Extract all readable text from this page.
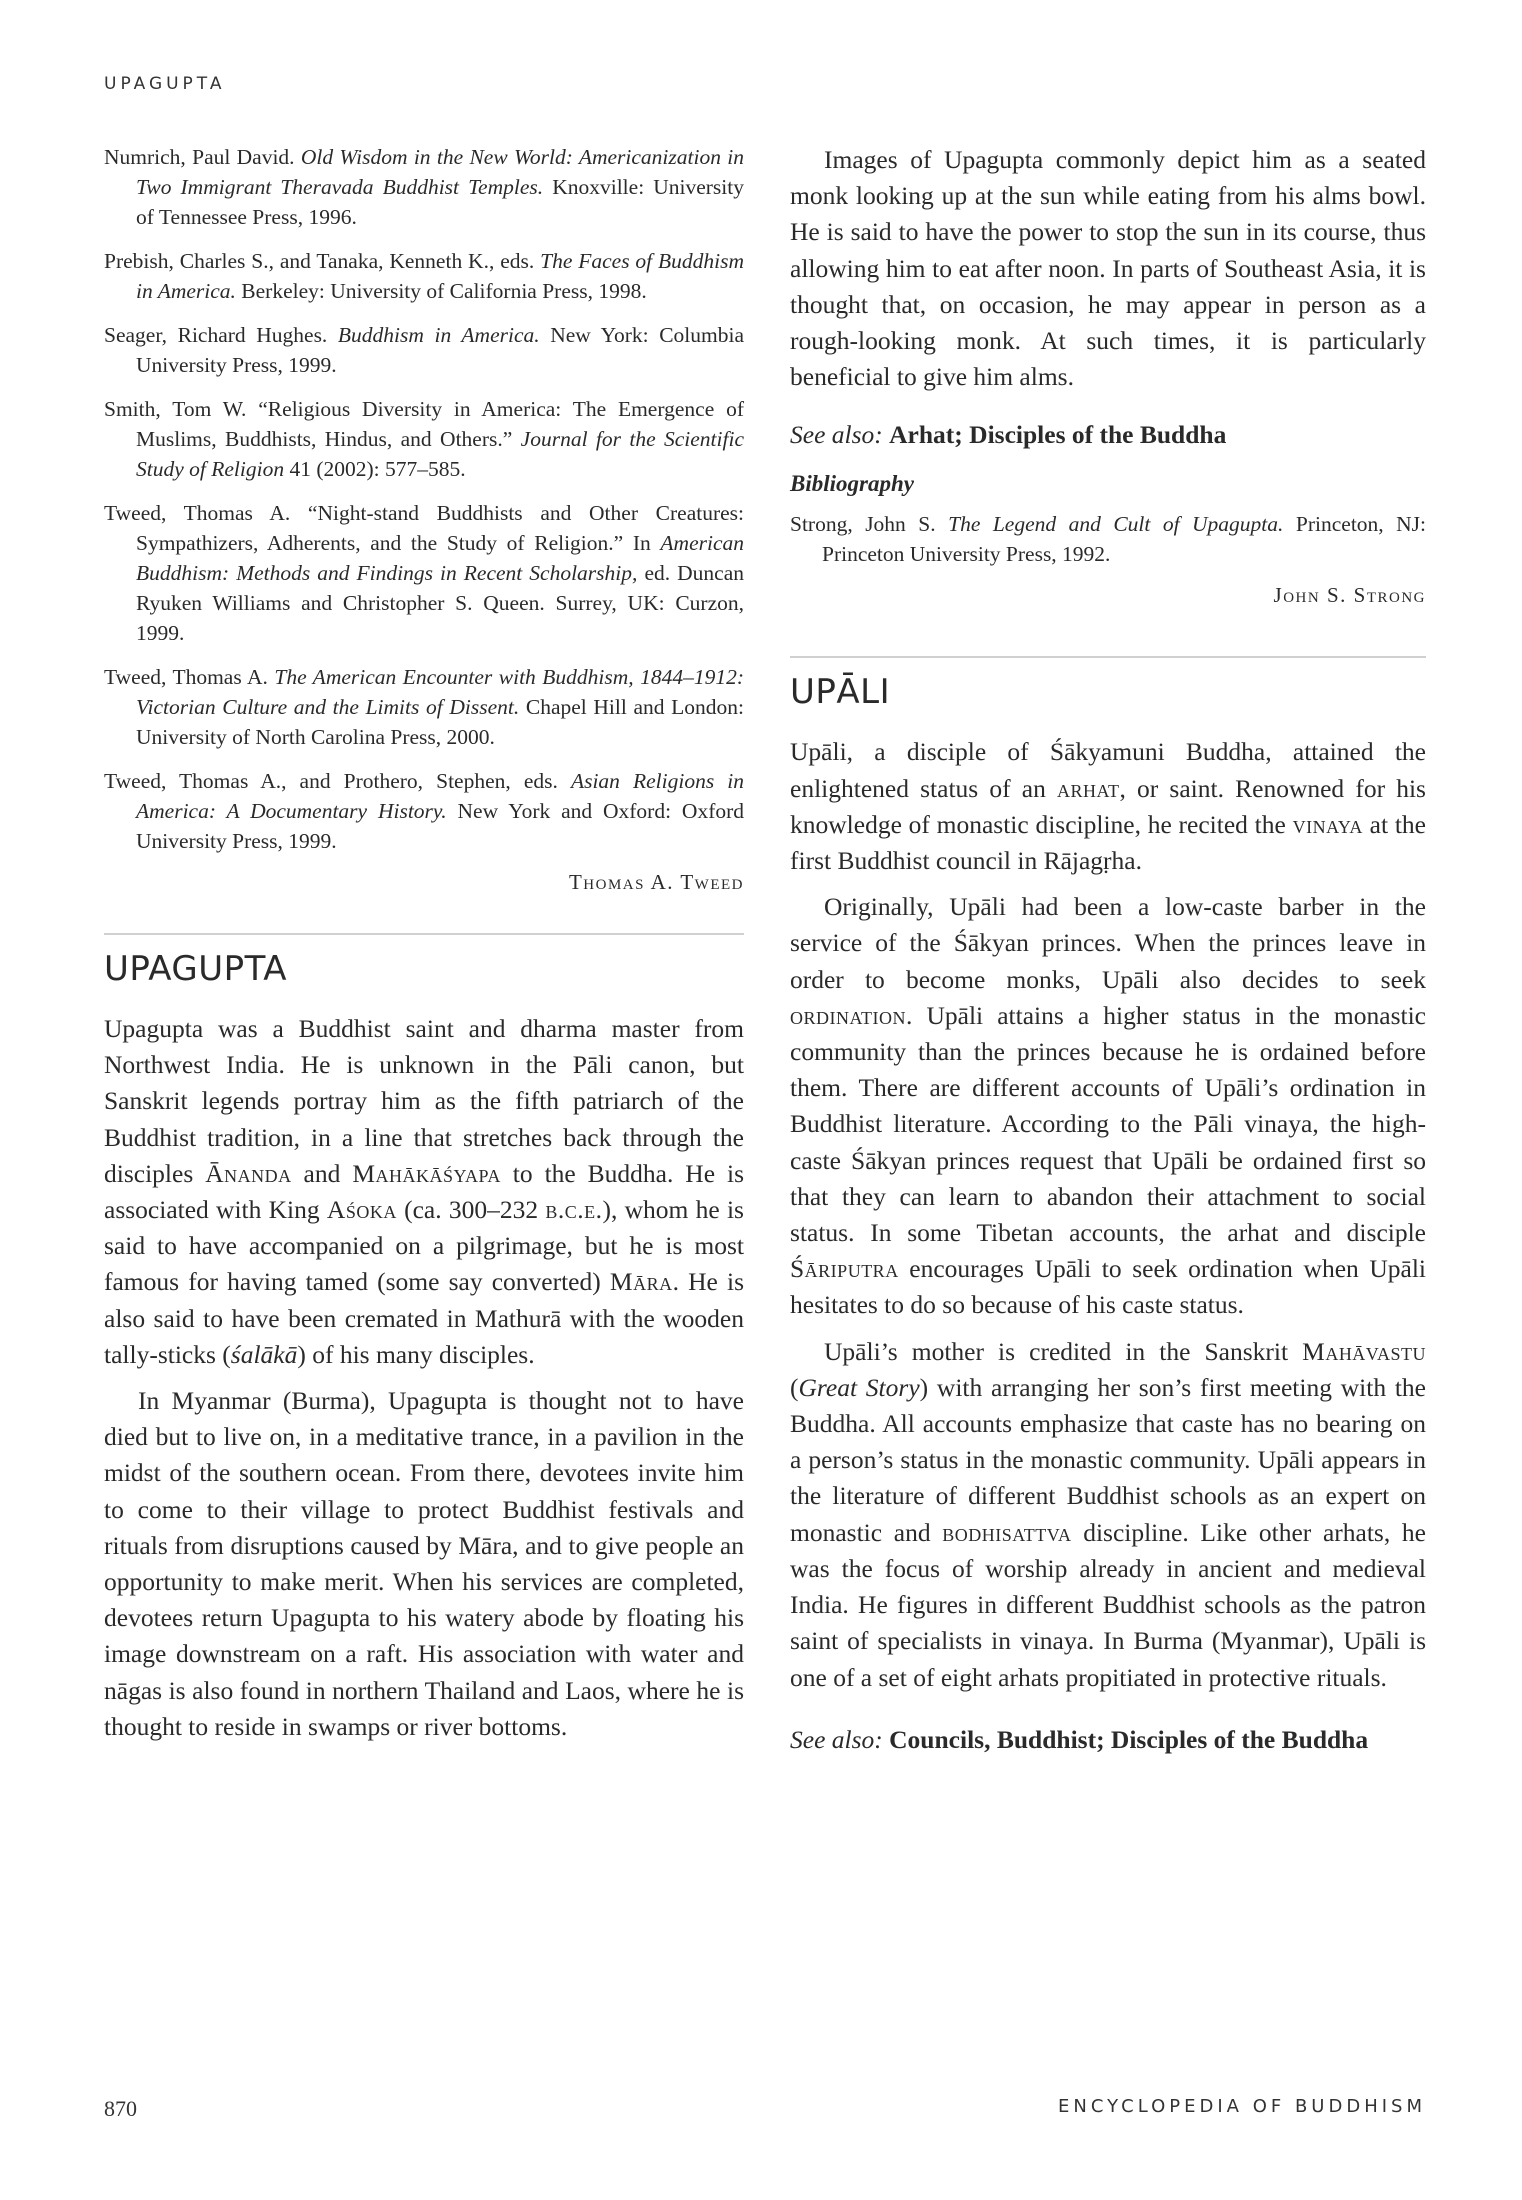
UPAGUPTA

Numrich, Paul David. Old Wisdom in the New World: Americanization in Two Immigrant Theravada Buddhist Temples. Knoxville: University of Tennessee Press, 1996.

Prebish, Charles S., and Tanaka, Kenneth K., eds. The Faces of Buddhism in America. Berkeley: University of California Press, 1998.

Seager, Richard Hughes. Buddhism in America. New York: Columbia University Press, 1999.

Smith, Tom W. “Religious Diversity in America: The Emergence of Muslims, Buddhists, Hindus, and Others.” Journal for the Scientific Study of Religion 41 (2002): 577–585.

Tweed, Thomas A. “Night-stand Buddhists and Other Creatures: Sympathizers, Adherents, and the Study of Religion.” In American Buddhism: Methods and Findings in Recent Scholarship, ed. Duncan Ryuken Williams and Christopher S. Queen. Surrey, UK: Curzon, 1999.

Tweed, Thomas A. The American Encounter with Buddhism, 1844–1912: Victorian Culture and the Limits of Dissent. Chapel Hill and London: University of North Carolina Press, 2000.

Tweed, Thomas A., and Prothero, Stephen, eds. Asian Religions in America: A Documentary History. New York and Oxford: Oxford University Press, 1999.

Thomas A. Tweed
UPAGUPTA

Upagupta was a Buddhist saint and dharma master from Northwest India. He is unknown in the Pāli canon, but Sanskrit legends portray him as the fifth patriarch of the Buddhist tradition, in a line that stretches back through the disciples Ānanda and Mahākāśyapa to the Buddha. He is associated with King Aśoka (ca. 300–232 b.c.e.), whom he is said to have accompanied on a pilgrimage, but he is most famous for having tamed (some say converted) Māra. He is also said to have been cremated in Mathurā with the wooden tally-sticks (śalākā) of his many disciples.

In Myanmar (Burma), Upagupta is thought not to have died but to live on, in a meditative trance, in a pavilion in the midst of the southern ocean. From there, devotees invite him to come to their village to protect Buddhist festivals and rituals from disruptions caused by Māra, and to give people an opportunity to make merit. When his services are completed, devotees return Upagupta to his watery abode by floating his image downstream on a raft. His association with water and nāgas is also found in northern Thailand and Laos, where he is thought to reside in swamps or river bottoms.

Images of Upagupta commonly depict him as a seated monk looking up at the sun while eating from his alms bowl. He is said to have the power to stop the sun in its course, thus allowing him to eat after noon. In parts of Southeast Asia, it is thought that, on occasion, he may appear in person as a rough-looking monk. At such times, it is particularly beneficial to give him alms.

See also: Arhat; Disciples of the Buddha

Bibliography

Strong, John S. The Legend and Cult of Upagupta. Princeton, NJ: Princeton University Press, 1992.

John S. Strong
UPĀLI

Upāli, a disciple of Śākyamuni Buddha, attained the enlightened status of an arhat, or saint. Renowned for his knowledge of monastic discipline, he recited the vinaya at the first Buddhist council in Rājagṛha.

Originally, Upāli had been a low-caste barber in the service of the Śākyan princes. When the princes leave in order to become monks, Upāli also decides to seek ordination. Upāli attains a higher status in the monastic community than the princes because he is ordained before them. There are different accounts of Upāli’s ordination in Buddhist literature. According to the Pāli vinaya, the high-caste Śākyan princes request that Upāli be ordained first so that they can learn to abandon their attachment to social status. In some Tibetan accounts, the arhat and disciple Śāriputra encourages Upāli to seek ordination when Upāli hesitates to do so because of his caste status.

Upāli’s mother is credited in the Sanskrit Mahāvastu (Great Story) with arranging her son’s first meeting with the Buddha. All accounts emphasize that caste has no bearing on a person’s status in the monastic community. Upāli appears in the literature of different Buddhist schools as an expert on monastic and bodhisattva discipline. Like other arhats, he was the focus of worship already in ancient and medieval India. He figures in different Buddhist schools as the patron saint of specialists in vinaya. In Burma (Myanmar), Upāli is one of a set of eight arhats propitiated in protective rituals.

See also: Councils, Buddhist; Disciples of the Buddha

870	ENCYCLOPEDIA OF BUDDHISM
